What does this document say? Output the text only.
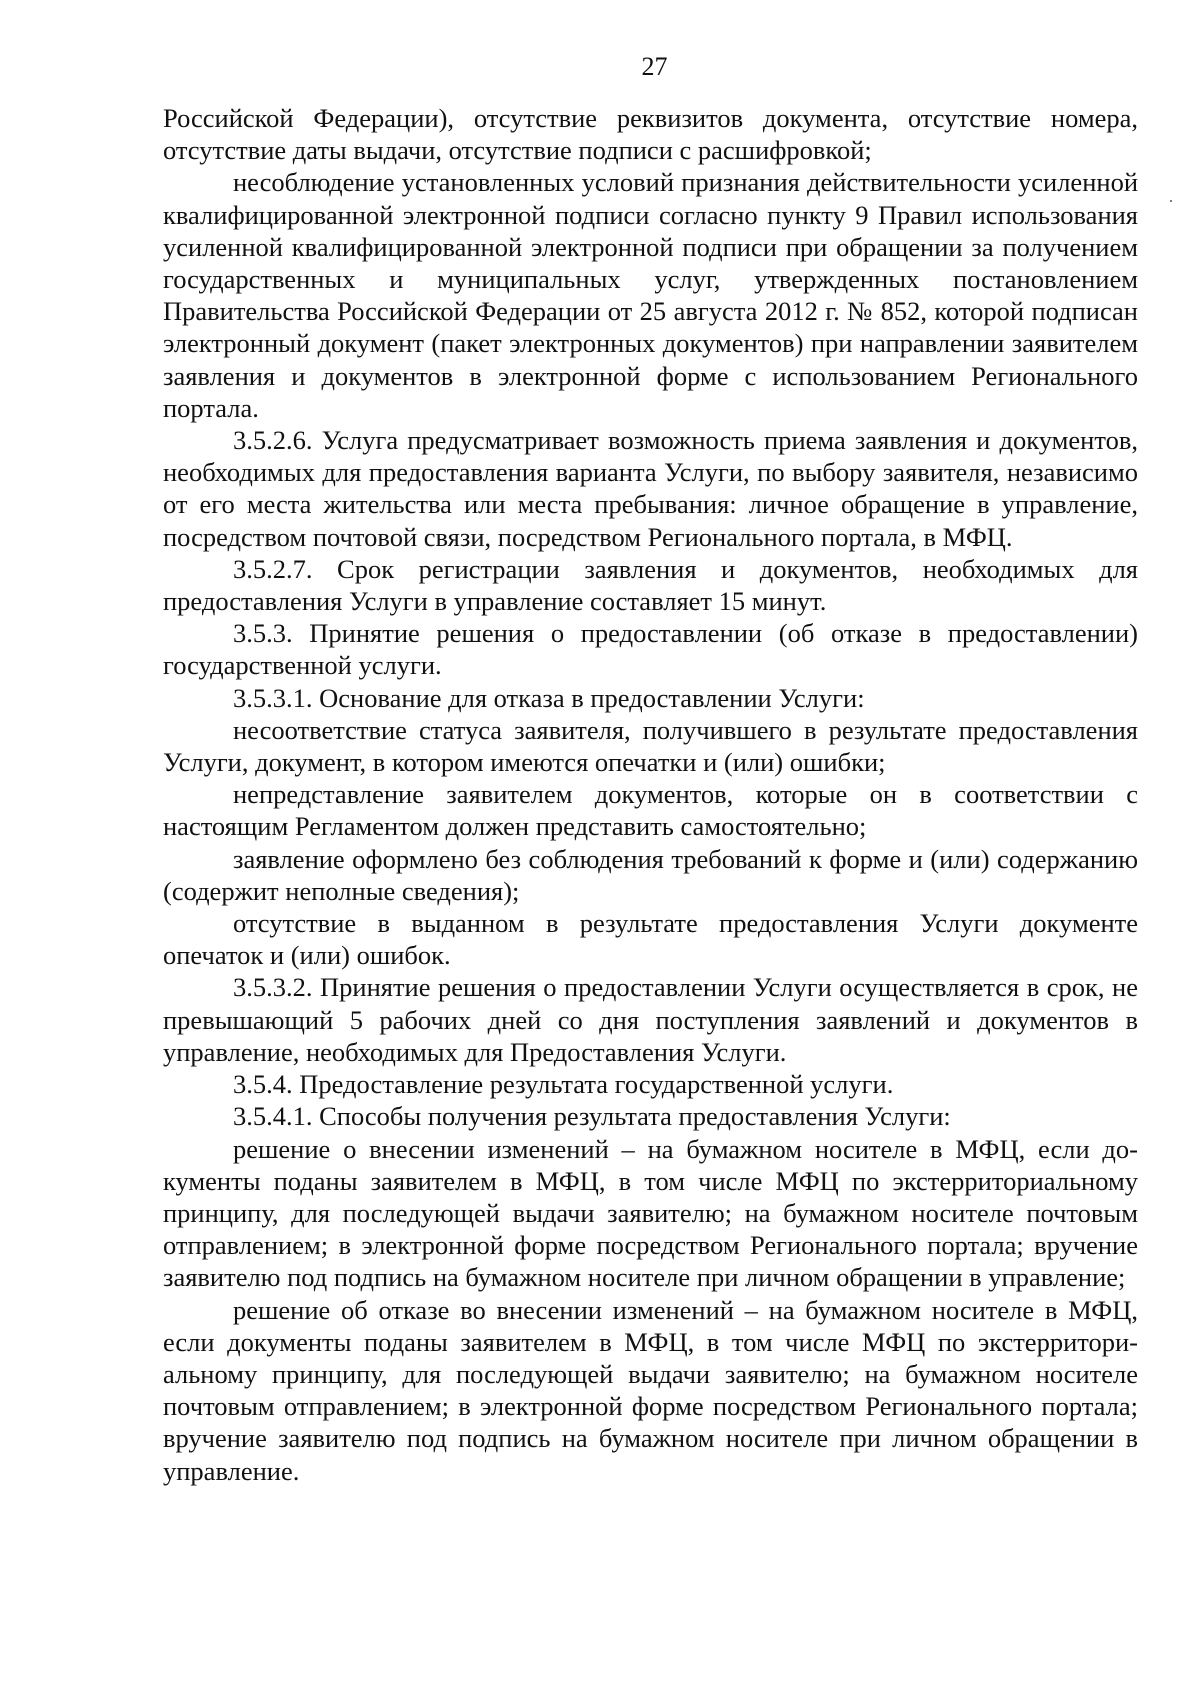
27

Российской Федерации), отсутствие реквизитов документа, отсутствие номера, отсутствие даты выдачи, отсутствие подписи с расшифровкой;

несоблюдение установленных условий признания действительности усиленной квалифицированной электронной подписи согласно пункту 9 Правил использования усиленной квалифицированной электронной подписи при обращении за получением государственных и муниципальных услуг, утвержденных постановлением Правительства Российской Федерации от 25 августа 2012 г. № 852, которой подписан электронный документ (пакет электронных документов) при направлении заявителем заявления и документов в электронной форме с использованием Регионального портала.

3.5.2.6. Услуга предусматривает возможность приема заявления и документов, необходимых для предоставления варианта Услуги, по выбору заявителя, независимо от его места жительства или места пребывания: личное обращение в управление, посредством почтовой связи, посредством Регионального портала, в МФЦ.

3.5.2.7. Срок регистрации заявления и документов, необходимых для предоставления Услуги в управление составляет 15 минут.

3.5.3. Принятие решения о предоставлении (об отказе в предоставлении) государственной услуги.

3.5.3.1. Основание для отказа в предоставлении Услуги:

несоответствие статуса заявителя, получившего в результате предоставления Услуги, документ, в котором имеются опечатки и (или) ошибки;

непредставление заявителем документов, которые он в соответствии с настоящим Регламентом должен представить самостоятельно;

заявление оформлено без соблюдения требований к форме и (или) содержанию (содержит неполные сведения);

отсутствие в выданном в результате предоставления Услуги документе опечаток и (или) ошибок.

3.5.3.2. Принятие решения о предоставлении Услуги осуществляется в срок, не превышающий 5 рабочих дней со дня поступления заявлений и документов в управление, необходимых для Предоставления Услуги.

3.5.4. Предоставление результата государственной услуги.

3.5.4.1. Способы получения результата предоставления Услуги:

решение о внесении изменений – на бумажном носителе в МФЦ, если документы поданы заявителем в МФЦ, в том числе МФЦ по экстерриториальному принципу, для последующей выдачи заявителю; на бумажном носителе почтовым отправлением; в электронной форме посредством Регионального портала; вручение заявителю под подпись на бумажном носителе при личном обращении в управление;

решение об отказе во внесении изменений – на бумажном носителе в МФЦ, если документы поданы заявителем в МФЦ, в том числе МФЦ по экстерриториальному принципу, для последующей выдачи заявителю; на бумажном носителе почтовым отправлением; в электронной форме посредством Регионального портала; вручение заявителю под подпись на бумажном носителе при личном обращении в управление.
